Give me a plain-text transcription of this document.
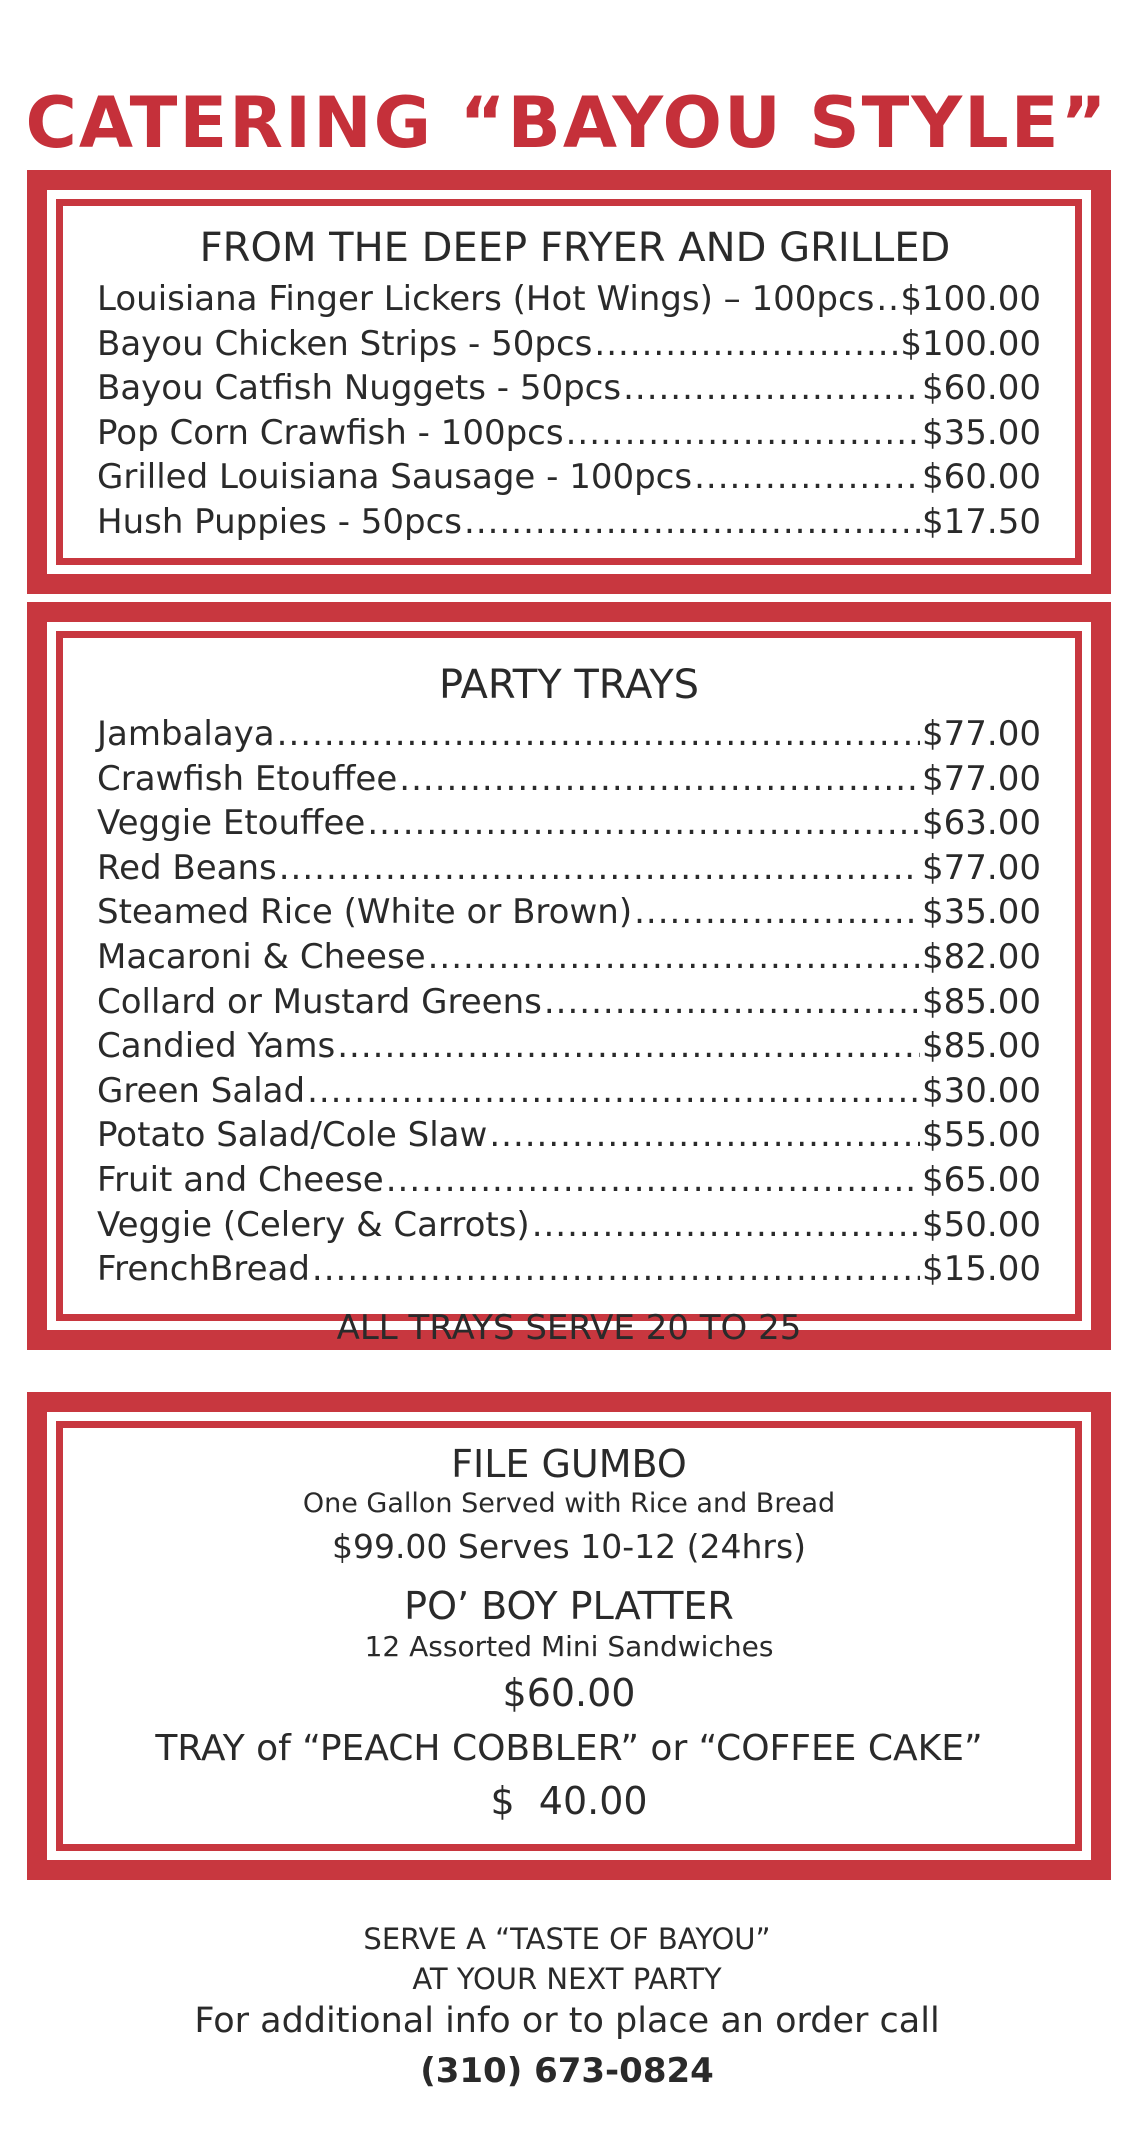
CATERING “BAYOU STYLE”
FROM THE DEEP FRYER AND GRILLED
Louisiana Finger Lickers (Hot Wings) – 100pcs ..... $100.00
Bayou Chicken Strips - 50pcs .....	$100.00
Bayou Catfish Nuggets - 50pcs .....	$60.00
Pop Corn Crawfish - 100pcs .....	$35.00
Grilled Louisiana Sausage - 100pcs .....	$60.00
Hush Puppies - 50pcs .....	$17.50
PARTY TRAYS
Jambalaya .....	$77.00
Crawfish Etouffee .....	$77.00
Veggie Etouffee .....	$63.00
Red Beans .....	$77.00
Steamed Rice (White or Brown) .....	$35.00
Macaroni & Cheese .....	$82.00
Collard or Mustard Greens .....	$85.00
Candied Yams .....	$85.00
Green Salad .....	$30.00
Potato Salad/Cole Slaw .....	$55.00
Fruit and Cheese .....	$65.00
Veggie (Celery & Carrots) .....	$50.00
FrenchBread .....	$15.00
ALL TRAYS SERVE 20 TO 25
FILE GUMBO
One Gallon Served with Rice and Bread
$99.00 Serves 10-12 (24hrs)
PO’ BOY PLATTER
12 Assorted Mini Sandwiches
$60.00
TRAY of “PEACH COBBLER” or “COFFEE CAKE”
$  40.00
SERVE A “TASTE OF BAYOU”
AT YOUR NEXT PARTY
For additional info or to place an order call
(310) 673-0824
